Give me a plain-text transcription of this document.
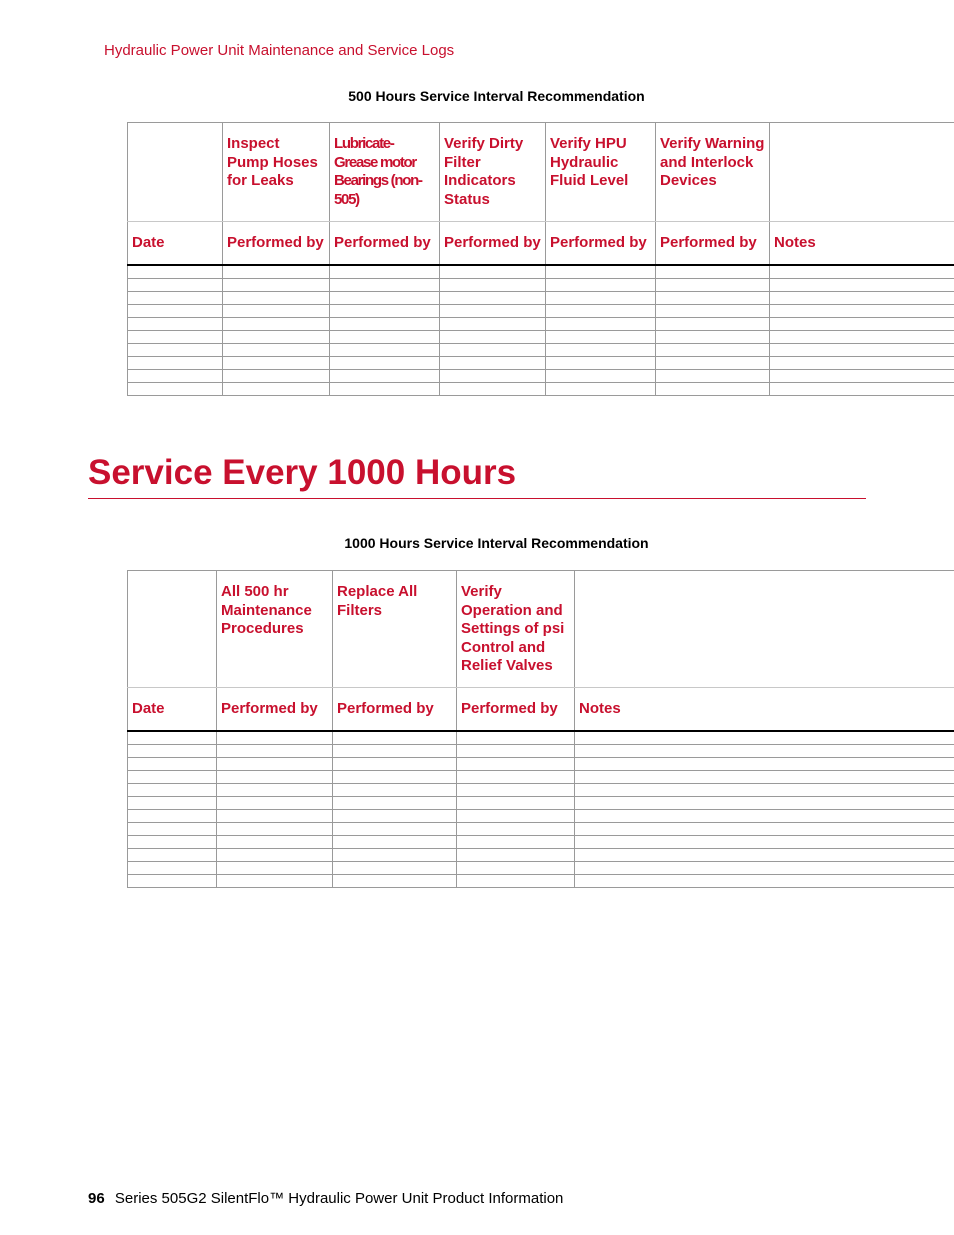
Hydraulic Power Unit Maintenance and Service Logs
500 Hours Service Interval Recommendation
	Inspect Pump Hoses for Leaks	Lubricate-Grease motor Bearings (non-505)	Verify Dirty Filter Indicators Status	Verify HPU Hydraulic Fluid Level	Verify Warning and Interlock Devices	
Date	Performed by	Performed by	Performed by	Performed by	Performed by	Notes

Service Every 1000 Hours
1000 Hours Service Interval Recommendation
	All 500 hr Maintenance Procedures	Replace All Filters	Verify Operation and Settings of psi Control and Relief Valves	
Date	Performed by	Performed by	Performed by	Notes

96 Series 505G2 SilentFlo™ Hydraulic Power Unit Product Information
